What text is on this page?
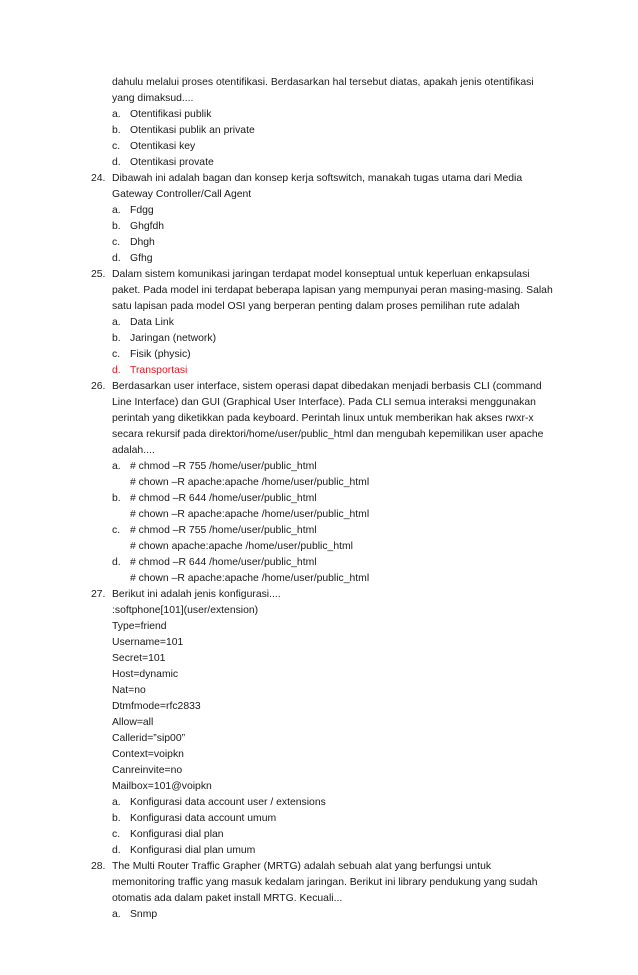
dahulu melalui proses otentifikasi. Berdasarkan hal tersebut diatas, apakah jenis otentifikasi
yang dimaksud....
a. Otentifikasi publik
b. Otentikasi publik an private
c. Otentikasi key
d. Otentikasi provate
24. Dibawah ini adalah bagan dan konsep kerja softswitch, manakah tugas utama dari Media
Gateway Controller/Call Agent
a. Fdgg
b. Ghgfdh
c. Dhgh
d. Gfhg
25. Dalam sistem komunikasi jaringan terdapat model konseptual untuk keperluan enkapsulasi
paket. Pada model ini terdapat beberapa lapisan yang mempunyai peran masing-masing. Salah
satu lapisan pada model OSI yang berperan penting dalam proses pemilihan rute adalah
a. Data Link
b. Jaringan (network)
c. Fisik (physic)
d. Transportasi
26. Berdasarkan user interface, sistem operasi dapat dibedakan menjadi berbasis CLI (command
Line Interface) dan GUI (Graphical User Interface). Pada CLI semua interaksi menggunakan
perintah yang diketikkan pada keyboard. Perintah linux untuk memberikan hak akses rwxr-x
secara rekursif pada direktori/home/user/public_html dan mengubah kepemilikan user apache
adalah....
a. # chmod –R 755 /home/user/public_html
# chown –R apache:apache /home/user/public_html
b. # chmod –R 644 /home/user/public_html
# chown –R apache:apache /home/user/public_html
c. # chmod –R 755 /home/user/public_html
# chown apache:apache /home/user/public_html
d. # chmod –R 644 /home/user/public_html
# chown –R apache:apache /home/user/public_html
27. Berikut ini adalah jenis konfigurasi....
:softphone[101](user/extension)
Type=friend
Username=101
Secret=101
Host=dynamic
Nat=no
Dtmfmode=rfc2833
Allow=all
Callerid=”sip00”
Context=voipkn
Canreinvite=no
Mailbox=101@voipkn
a. Konfigurasi data account user / extensions
b. Konfigurasi data account umum
c. Konfigurasi dial plan
d. Konfigurasi dial plan umum
28. The Multi Router Traffic Grapher (MRTG) adalah sebuah alat yang berfungsi untuk
memonitoring traffic yang masuk kedalam jaringan. Berikut ini library pendukung yang sudah
otomatis ada dalam paket install MRTG. Kecuali...
a. Snmp
